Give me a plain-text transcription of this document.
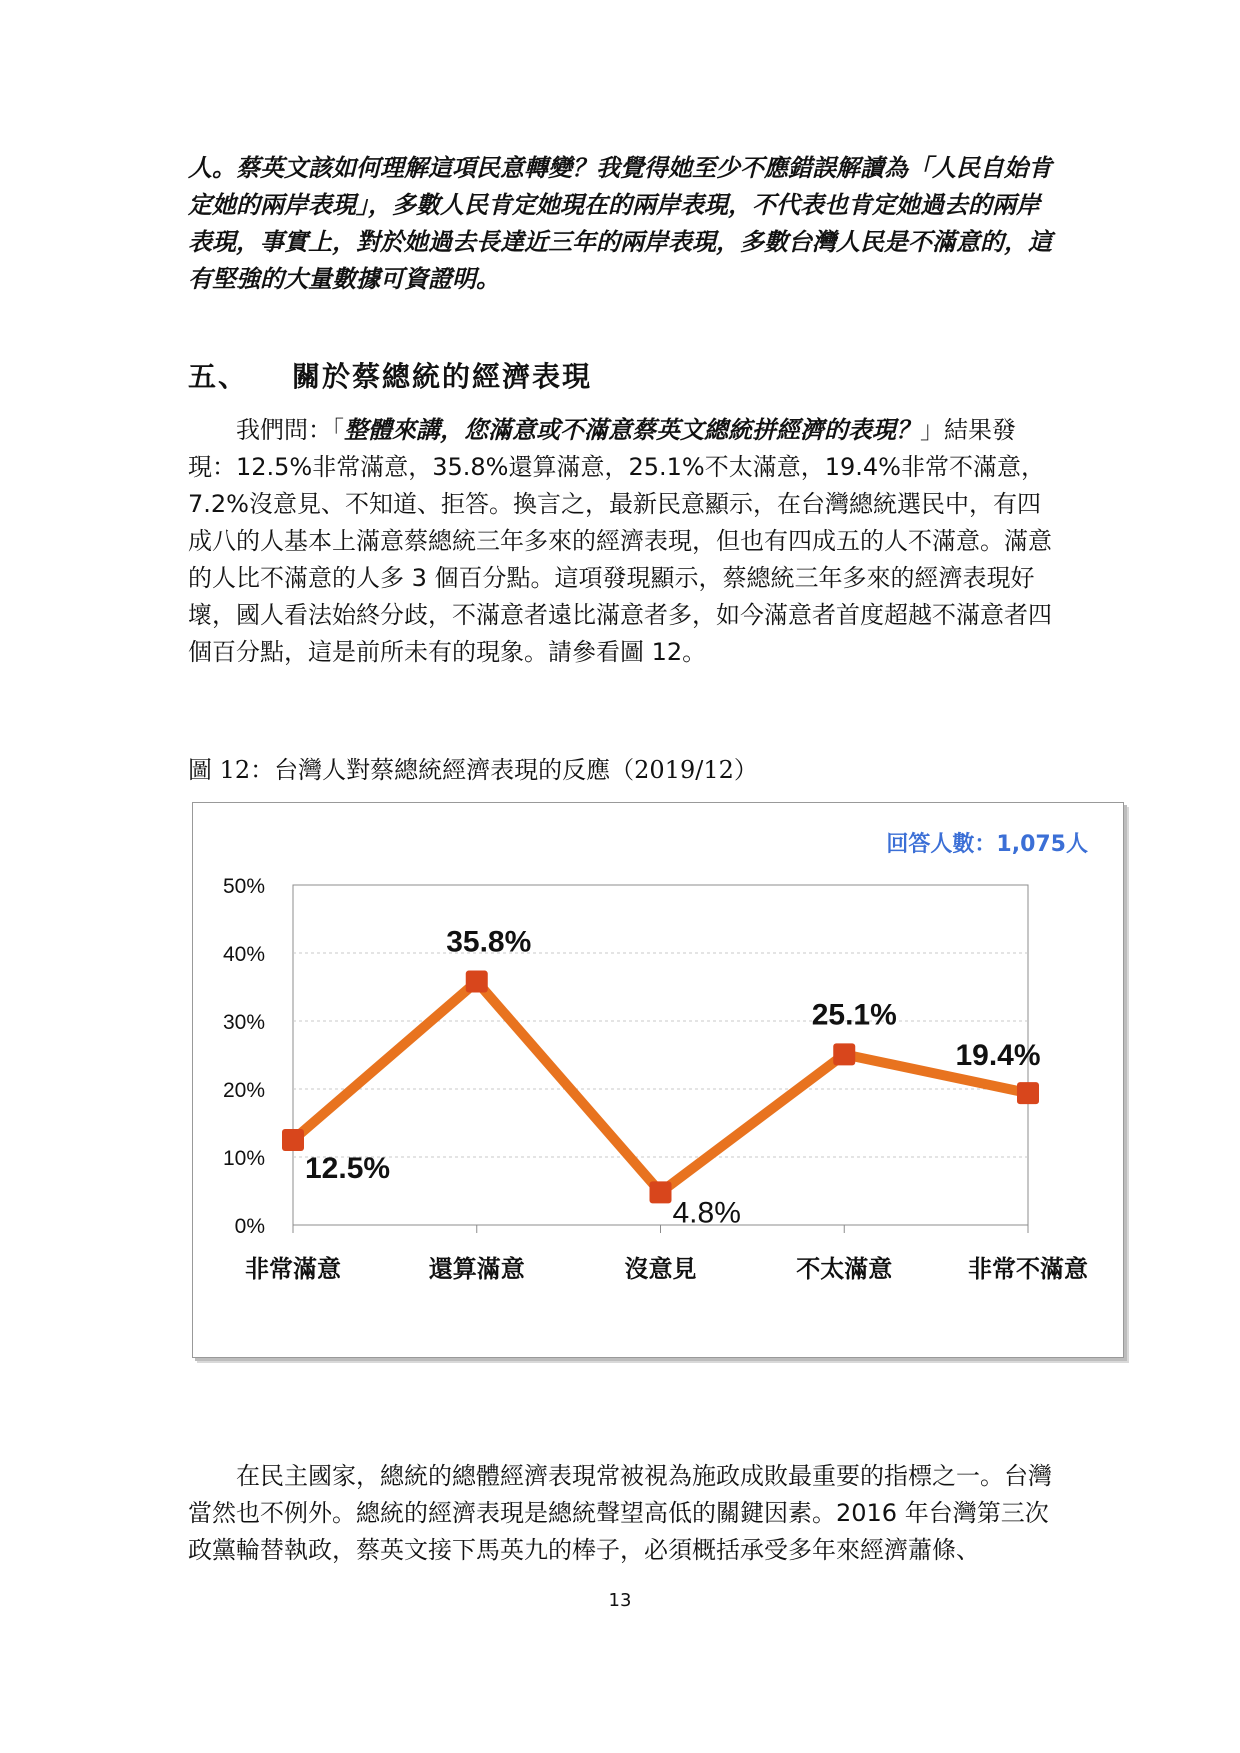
人。蔡英文該如何理解這項民意轉變？我覺得她至少不應錯誤解讀為「人民自始肯定她的兩岸表現」，多數人民肯定她現在的兩岸表現，不代表也肯定她過去的兩岸表現，事實上，對於她過去長達近三年的兩岸表現，多數台灣人民是不滿意的，這有堅強的大量數據可資證明。

五、 關於蔡總統的經濟表現

我們問：「整體來講，您滿意或不滿意蔡英文總統拼經濟的表現？」結果發現：12.5%非常滿意，35.8%還算滿意，25.1%不太滿意，19.4%非常不滿意，7.2%沒意見、不知道、拒答。換言之，最新民意顯示，在台灣總統選民中，有四成八的人基本上滿意蔡總統三年多來的經濟表現，但也有四成五的人不滿意。滿意的人比不滿意的人多 3 個百分點。這項發現顯示，蔡總統三年多來的經濟表現好壞，國人看法始終分歧，不滿意者遠比滿意者多，如今滿意者首度超越不滿意者四個百分點，這是前所未有的現象。請參看圖 12。

圖 12：台灣人對蔡總統經濟表現的反應（2019/12）

0%
10%
20%
30%
40%
50%
非常滿意	還算滿意	沒意見	不太滿意	非常不滿意
12.5%
35.8%
4.8%
25.1%
19.4%
回答人數：1,075人

在民主國家，總統的總體經濟表現常被視為施政成敗最重要的指標之一。台灣當然也不例外。總統的經濟表現是總統聲望高低的關鍵因素。2016 年台灣第三次政黨輪替執政，蔡英文接下馬英九的棒子，必須概括承受多年來經濟蕭條、

13
